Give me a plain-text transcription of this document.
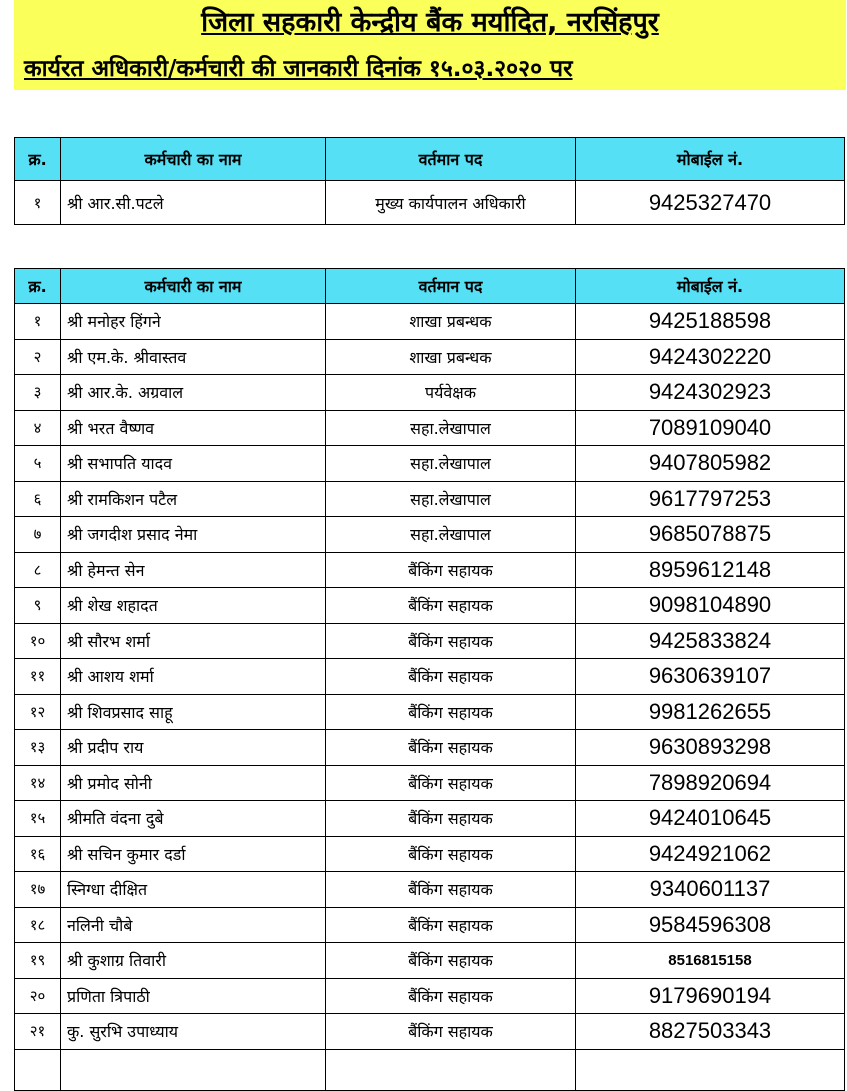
जिला सहकारी केन्द्रीय बैंक मर्यादित, नरसिंहपुर
कार्यरत अधिकारी/कर्मचारी की जानकारी दिनांक १५.०३.२०२० पर
क्र.	कर्मचारी का नाम	वर्तमान पद	मोबाईल नं.
१	श्री आर.सी.पटले	मुख्य कार्यपालन अधिकारी	9425327470
क्र.	कर्मचारी का नाम	वर्तमान पद	मोबाईल नं.
१	श्री मनोहर हिंगने	शाखा प्रबन्धक	9425188598
२	श्री एम.के. श्रीवास्तव	शाखा प्रबन्धक	9424302220
३	श्री आर.के. अग्रवाल	पर्यवेक्षक	9424302923
४	श्री भरत वैष्णव	सहा.लेखापाल	7089109040
५	श्री सभापति यादव	सहा.लेखापाल	9407805982
६	श्री रामकिशन पटैल	सहा.लेखापाल	9617797253
७	श्री जगदीश प्रसाद नेमा	सहा.लेखापाल	9685078875
८	श्री हेमन्त सेन	बैंकिंग सहायक	8959612148
९	श्री शेख शहादत	बैंकिंग सहायक	9098104890
१०	श्री सौरभ शर्मा	बैंकिंग सहायक	9425833824
११	श्री आशय शर्मा	बैंकिंग सहायक	9630639107
१२	श्री शिवप्रसाद साहू	बैंकिंग सहायक	9981262655
१३	श्री प्रदीप राय	बैंकिंग सहायक	9630893298
१४	श्री प्रमोद सोनी	बैंकिंग सहायक	7898920694
१५	श्रीमति वंदना दुबे	बैंकिंग सहायक	9424010645
१६	श्री सचिन कुमार दर्डा	बैंकिंग सहायक	9424921062
१७	स्निग्धा दीक्षित	बैंकिंग सहायक	9340601137
१८	नलिनी चौबे	बैंकिंग सहायक	9584596308
१९	श्री कुशाग्र तिवारी	बैंकिंग सहायक	8516815158
२०	प्रणिता त्रिपाठी	बैंकिंग सहायक	9179690194
२१	कु. सुरभि उपाध्याय	बैंकिंग सहायक	8827503343
